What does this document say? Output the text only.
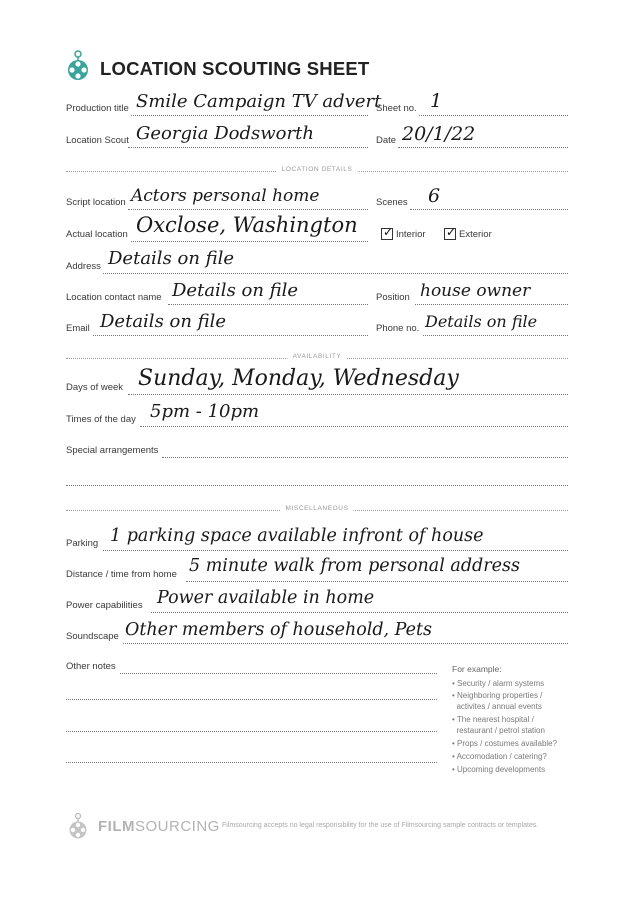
LOCATION SCOUTING SHEET
Production title Smile Campaign TV advert
Sheet no. 1
Location Scout Georgia Dodsworth	Date 20/1/22
LOCATION DETAILS
Script location Actors personal home	Scenes 6
Actual location Oxclose, Washington ✓ Interior ✓ Exterior
Address Details on file
Location contact name Details on file	Position house owner
Email Details on file	Phone no. Details on file
AVAILABILITY
Days of week Sunday, Monday, Wednesday
Times of the day 5pm - 10pm
Special arrangements
MISCELLANEOUS
Parking 1 parking space available infront of house
Distance / time from home 5 minute walk from personal address
Power capabilities Power available in home
Soundscape Other members of household, Pets
Other notes	For example:
• Security / alarm systems
• Neighboring properties /
activites / annual events
• The nearest hospital /
restaurant / petrol station
• Props / costumes available?
• Accomodation / catering?
• Upcoming developments
FILMSOURCING Filmsourcing accepts no legal responsibility for the use of Filmsourcing sample contracts or templates.
